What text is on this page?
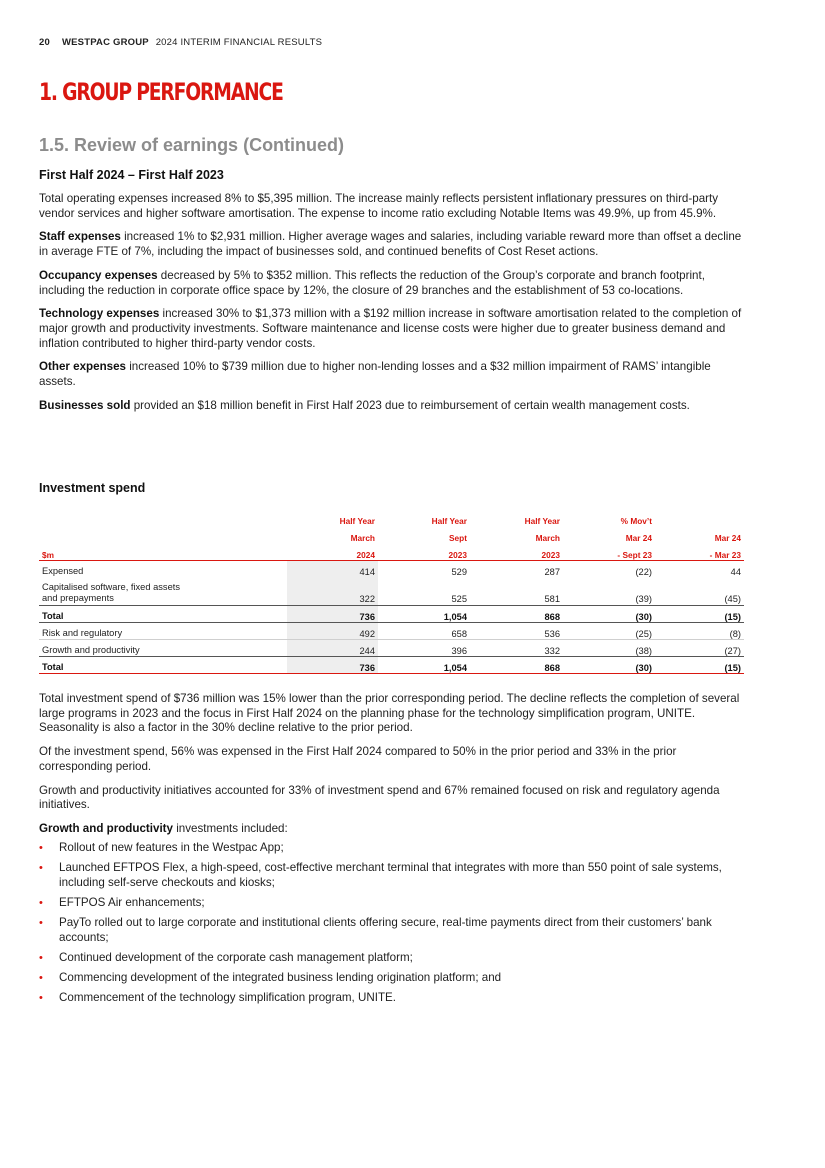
20 WESTPAC GROUP 2024 INTERIM FINANCIAL RESULTS
1. GROUP PERFORMANCE
1.5. Review of earnings (Continued)
First Half 2024 – First Half 2023

Total operating expenses increased 8% to $5,395 million. The increase mainly reflects persistent inflationary pressures on third-party vendor services and higher software amortisation. The expense to income ratio excluding Notable Items was 49.9%, up from 45.9%.

Staff expenses increased 1% to $2,931 million. Higher average wages and salaries, including variable reward more than offset a decline in average FTE of 7%, including the impact of businesses sold, and continued benefits of Cost Reset actions.

Occupancy expenses decreased by 5% to $352 million. This reflects the reduction of the Group’s corporate and branch footprint, including the reduction in corporate office space by 12%, the closure of 29 branches and the establishment of 53 co-locations.

Technology expenses increased 30% to $1,373 million with a $192 million increase in software amortisation related to the completion of major growth and productivity investments. Software maintenance and license costs were higher due to greater business demand and inflation contributed to higher third-party vendor costs.

Other expenses increased 10% to $739 million due to higher non-lending losses and a $32 million impairment of RAMS’ intangible assets.

Businesses sold provided an $18 million benefit in First Half 2023 due to reimbursement of certain wealth management costs.

Investment spend
	Half Year	Half Year	Half Year	% Mov’t	
	March	Sept	March	Mar 24	Mar 24
$m	2024	2023	2023	- Sept 23	- Mar 23
Expensed	414	529	287	(22)	44
Capitalised software, fixed assets
and prepayments	322	525	581	(39)	(45)
Total	736	1,054	868	(30)	(15)
Risk and regulatory	492	658	536	(25)	(8)
Growth and productivity	244	396	332	(38)	(27)
Total	736	1,054	868	(30)	(15)

Total investment spend of $736 million was 15% lower than the prior corresponding period. The decline reflects the completion of several large programs in 2023 and the focus in First Half 2024 on the planning phase for the technology simplification program, UNITE. Seasonality is also a factor in the 30% decline relative to the prior period.

Of the investment spend, 56% was expensed in the First Half 2024 compared to 50% in the prior period and 33% in the prior corresponding period.

Growth and productivity initiatives accounted for 33% of investment spend and 67% remained focused on risk and regulatory agenda initiatives.

Growth and productivity investments included:

• Rollout of new features in the Westpac App;
• Launched EFTPOS Flex, a high-speed, cost-effective merchant terminal that integrates with more than 550 point of sale systems, including self-serve checkouts and kiosks;
• EFTPOS Air enhancements;
• PayTo rolled out to large corporate and institutional clients offering secure, real-time payments direct from their customers’ bank accounts;
• Continued development of the corporate cash management platform;
• Commencing development of the integrated business lending origination platform; and
• Commencement of the technology simplification program, UNITE.
